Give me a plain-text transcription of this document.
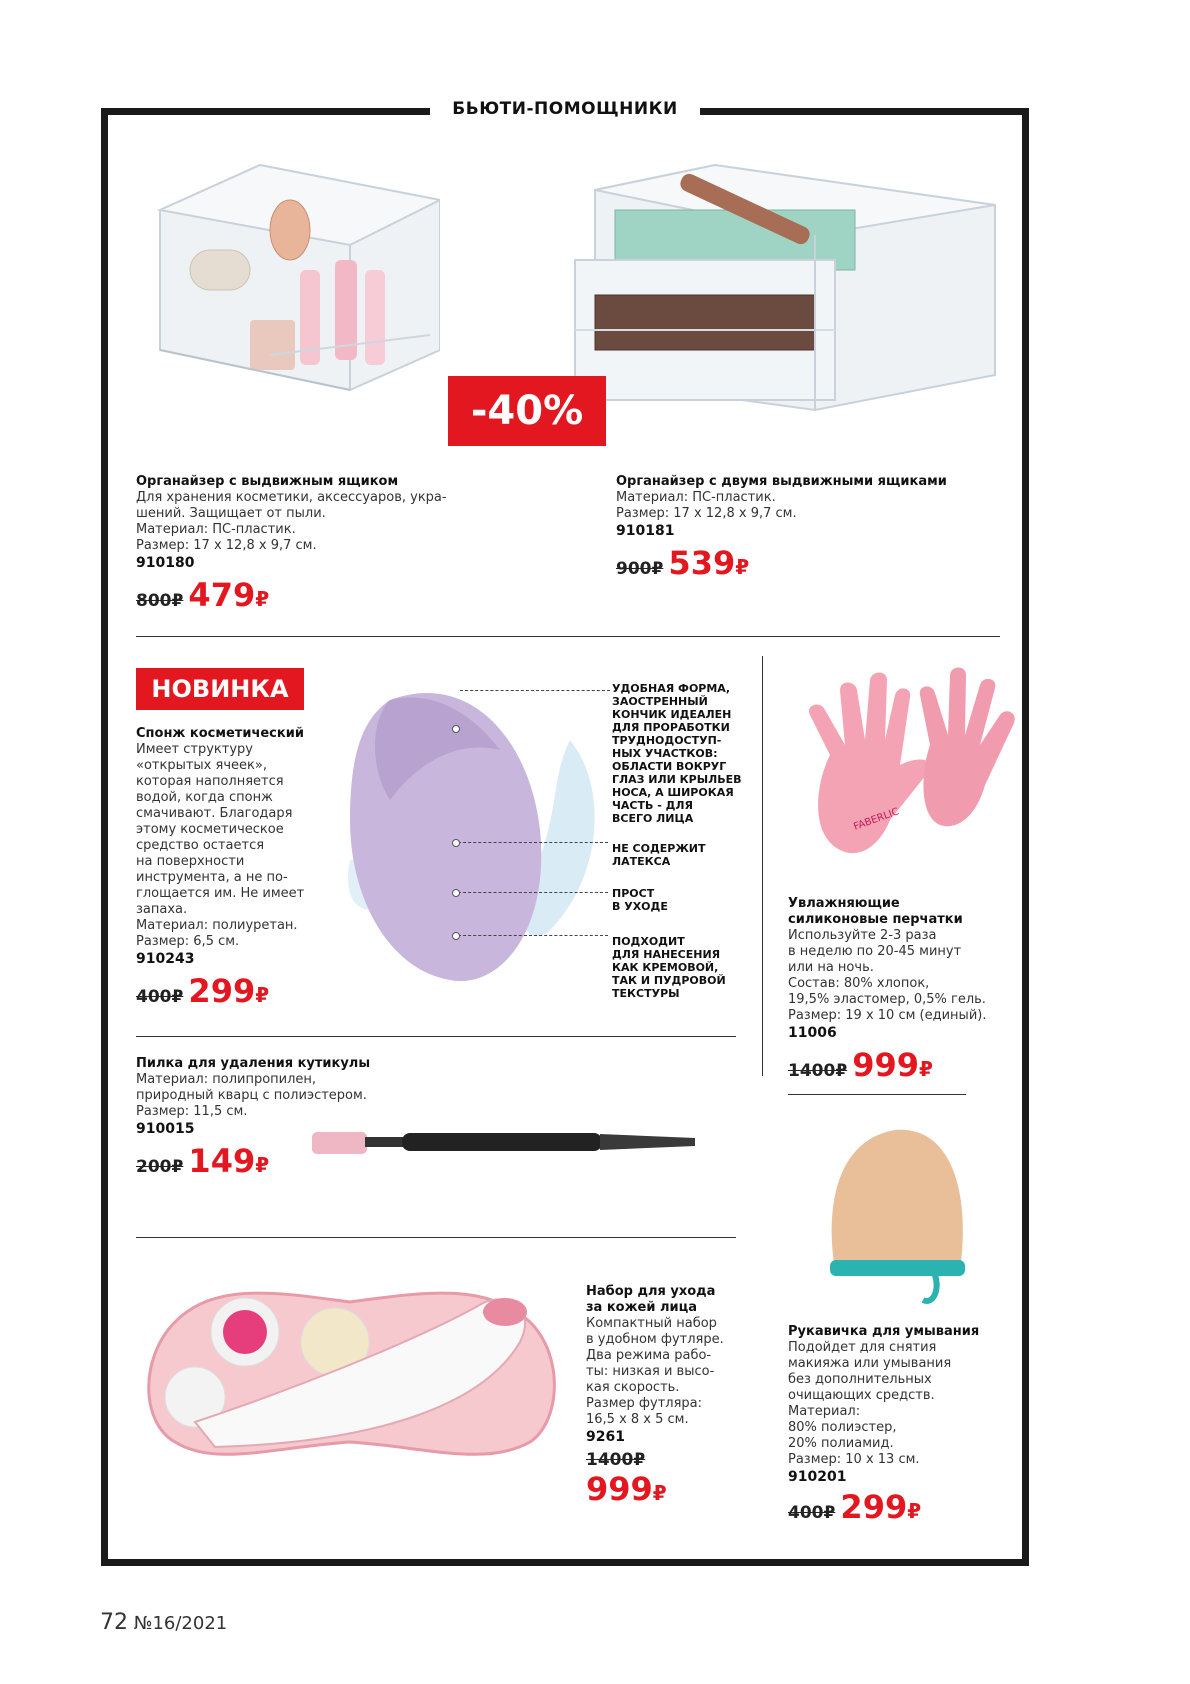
БЬЮТИ-ПОМОЩНИКИ
-40%
Органайзер с выдвижным ящиком
Для хранения косметики, аксессуаров, укра-
шений. Защищает от пыли.
Материал: ПС-пластик.
Размер: 17 х 12,8 х 9,7 см.
910180
800₽ 479₽
Органайзер с двумя выдвижными ящиками
Материал: ПС-пластик.
Размер: 17 х 12,8 х 9,7 см.
910181
900₽ 539₽
НОВИНКА
Спонж косметический
Имеет структуру
«открытых ячеек»,
которая наполняется
водой, когда спонж
смачивают. Благодаря
этому косметическое
средство остается
на поверхности
инструмента, а не по-
глощается им. Не имеет
запаха.
Материал: полиуретан.
Размер: 6,5 см.
910243
400₽ 299₽
УДОБНАЯ ФОРМА,
ЗАОСТРЕННЫЙ
КОНЧИК ИДЕАЛЕН
ДЛЯ ПРОРАБОТКИ
ТРУДНОДОСТУП-
НЫХ УЧАСТКОВ:
ОБЛАСТИ ВОКРУГ
ГЛАЗ ИЛИ КРЫЛЬЕВ
НОСА, А ШИРОКАЯ
ЧАСТЬ - ДЛЯ
ВСЕГО ЛИЦА
НЕ СОДЕРЖИТ
ЛАТЕКСА
ПРОСТ
В УХОДЕ
ПОДХОДИТ
ДЛЯ НАНЕСЕНИЯ
КАК КРЕМОВОЙ,
ТАК И ПУДРОВОЙ
ТЕКСТУРЫ
FABERLIC
Увлажняющие
силиконовые перчатки
Используйте 2-3 раза
в неделю по 20-45 минут
или на ночь.
Состав: 80% хлопок,
19,5% эластомер, 0,5% гель.
Размер: 19 х 10 см (единый).
11006
1400₽ 999₽
Пилка для удаления кутикулы
Материал: полипропилен,
природный кварц с полиэстером.
Размер: 11,5 см.
910015
200₽ 149₽
Набор для ухода
за кожей лица
Компактный набор
в удобном футляре.
Два режима рабо-
ты: низкая и высо-
кая скорость.
Размер футляра:
16,5 х 8 х 5 см.
9261
1400₽
999₽
Рукавичка для умывания
Подойдет для снятия
макияжа или умывания
без дополнительных
очищающих средств.
Материал:
80% полиэстер,
20% полиамид.
Размер: 10 х 13 см.
910201
400₽ 299₽
72 №16/2021
